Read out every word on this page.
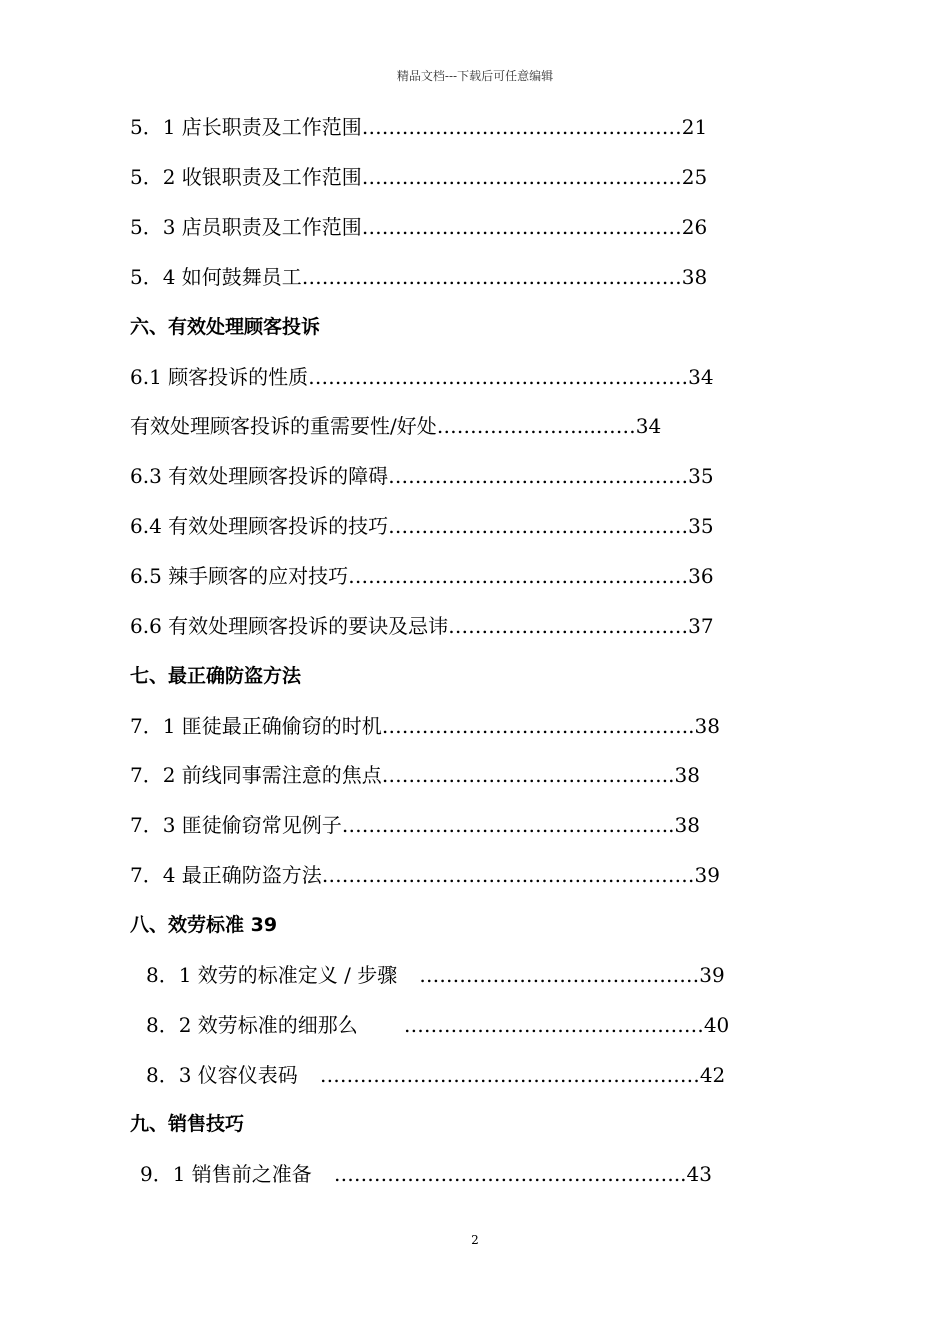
精品文档---下载后可任意编辑
5．1 店长职责及工作范围…………………………………………21
5．2 收银职责及工作范围…………………………………………25
5．3 店员职责及工作范围…………………………………………26
5．4 如何鼓舞员工…………………………………………………38
六、有效处理顾客投诉
6.1 顾客投诉的性质…………………………………………………34
有效处理顾客投诉的重需要性/好处…………………...……34
6.3 有效处理顾客投诉的障碍………………………………………35
6.4 有效处理顾客投诉的技巧………………………………………35
6.5 辣手顾客的应对技巧……………………………………………36
6.6 有效处理顾客投诉的要诀及忌讳………………………………37
七、最正确防盗方法
7．1 匪徒最正确偷窃的时机………………………………………..38
7．2 前线同事需注意的焦点……………………………………..38
7．3 匪徒偷窃常见例子…………………………………………..38
7．4 最正确防盗方法…………………………..……………………39
八、效劳标准 39
8．1 效劳的标准定义 / 步骤 ……………………………………39
8．2 效劳标准的细那么 ………………………………………40
8．3 仪容仪表码 …………………………………………………42
九、销售技巧
9．1 销售前之准备 ……………………………………………..43
2
